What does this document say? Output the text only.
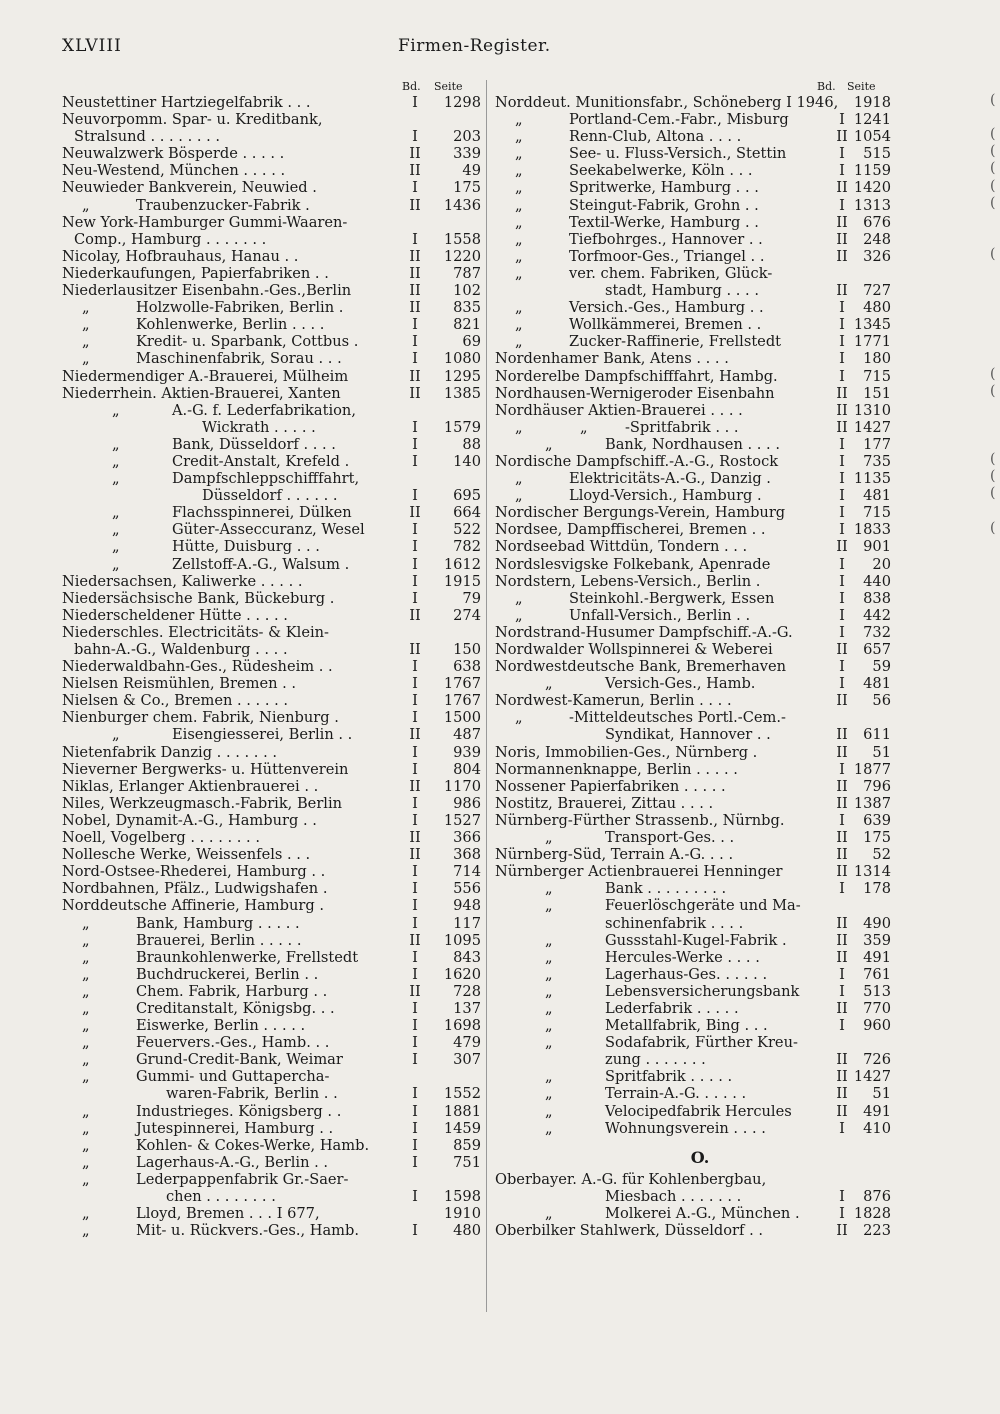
XLVIII	Firmen-Register.
Bd. Seite
Neustettiner Hartziegelfabrik . . .	I	1298
Neuvorpomm. Spar- u. Kreditbank,
Stralsund . . . . . . . .	I	203
Neuwalzwerk Bösperde . . . . .	II	339
Neu-Westend, München . . . . .	II	49
Neuwieder Bankverein, Neuwied .	I	175
„	Traubenzucker-Fabrik .	II	1436
New York-Hamburger Gummi-Waaren-
Comp., Hamburg . . . . . . .	I	1558
Nicolay, Hofbrauhaus, Hanau . .	II	1220
Niederkaufungen, Papierfabriken . .	II	787
Niederlausitzer Eisenbahn.-Ges.,Berlin	II	102
„	Holzwolle-Fabriken, Berlin .	II	835
„	Kohlenwerke, Berlin . . . .	I	821
„	Kredit- u. Sparbank, Cottbus .	I	69
„	Maschinenfabrik, Sorau . . .	I	1080
Niedermendiger A.-Brauerei, Mülheim	II	1295
Niederrhein. Aktien-Brauerei, Xanten	II	1385
„	A.-G. f. Lederfabrikation,
Wickrath . . . . .	I	1579
„	Bank, Düsseldorf . . . .	I	88
„	Credit-Anstalt, Krefeld .	I	140
„	Dampfschleppschifffahrt,
Düsseldorf . . . . . .	I	695
„	Flachsspinnerei, Dülken	II	664
„	Güter-Asseccuranz, Wesel	I	522
„	Hütte, Duisburg . . .	I	782
„	Zellstoff-A.-G., Walsum .	I	1612
Niedersachsen, Kaliwerke . . . . .	I	1915
Niedersächsische Bank, Bückeburg .	I	79
Niederscheldener Hütte . . . . .	II	274
Niederschles. Electricitäts- & Klein-
bahn-A.-G., Waldenburg . . . .	II	150
Niederwaldbahn-Ges., Rüdesheim . .	I	638
Nielsen Reismühlen, Bremen . .	I	1767
Nielsen & Co., Bremen . . . . . .	I	1767
Nienburger chem. Fabrik, Nienburg .	I	1500
„	Eisengiesserei, Berlin . .	II	487
Nietenfabrik Danzig . . . . . . .	I	939
Nieverner Bergwerks- u. Hüttenverein	I	804
Niklas, Erlanger Aktienbrauerei . .	II	1170
Niles, Werkzeugmasch.-Fabrik, Berlin	I	986
Nobel, Dynamit-A.-G., Hamburg . .	I	1527
Noell, Vogelberg . . . . . . . .	II	366
Nollesche Werke, Weissenfels . . .	II	368
Nord-Ostsee-Rhederei, Hamburg . .	I	714
Nordbahnen, Pfälz., Ludwigshafen .	I	556
Norddeutsche Affinerie, Hamburg .	I	948
„	Bank, Hamburg . . . . .	I	117
„	Brauerei, Berlin . . . . .	II	1095
„	Braunkohlenwerke, Frellstedt	I	843
„	Buchdruckerei, Berlin . .	I	1620
„	Chem. Fabrik, Harburg . .	II	728
„	Creditanstalt, Königsbg. . .	I	137
„	Eiswerke, Berlin . . . . .	I	1698
„	Feuervers.-Ges., Hamb. . .	I	479
„	Grund-Credit-Bank, Weimar	I	307
„	Gummi- und Guttapercha-
waren-Fabrik, Berlin . .	I	1552
„	Industrieges. Königsberg . .	I	1881
„	Jutespinnerei, Hamburg . .	I	1459
„	Kohlen- & Cokes-Werke, Hamb.	I	859
„	Lagerhaus-A.-G., Berlin . .	I	751
„	Lederpappenfabrik Gr.-Saer-
chen . . . . . . . .	I	1598
„	Lloyd, Bremen . . . I 677,	1910
„	Mit- u. Rückvers.-Ges., Hamb.	I	480
Bd. Seite
Norddeut. Munitionsfabr., Schöneberg I 1946,	1918
„	Portland-Cem.-Fabr., Misburg	I 1241
„	Renn-Club, Altona . . . .	II 1054
„	See- u. Fluss-Versich., Stettin	I	515
„	Seekabelwerke, Köln . . .	I 1159
„	Spritwerke, Hamburg . . .	II 1420
„	Steingut-Fabrik, Grohn . .	I 1313
„	Textil-Werke, Hamburg . .	II	676
„	Tiefbohrges., Hannover . .	II	248
„	Torfmoor-Ges., Triangel . .	II	326
„	ver. chem. Fabriken, Glück-
stadt, Hamburg . . . .	II	727
„	Versich.-Ges., Hamburg . .	I	480
„	Wollkämmerei, Bremen . .	I 1345
„	Zucker-Raffinerie, Frellstedt	I 1771
Nordenhamer Bank, Atens . . . .	I	180
Norderelbe Dampfschifffahrt, Hambg.	I	715
Nordhausen-Wernigeroder Eisenbahn	II	151
Nordhäuser Aktien-Brauerei . . . .	II 1310
„	„	-Spritfabrik . . .	II 1427
„	Bank, Nordhausen . . . .	I	177
Nordische Dampfschiff.-A.-G., Rostock	I	735
„	Elektricitäts-A.-G., Danzig .	I 1135
„	Lloyd-Versich., Hamburg .	I	481
Nordischer Bergungs-Verein, Hamburg	I	715
Nordsee, Dampffischerei, Bremen . .	I 1833
Nordseebad Wittdün, Tondern . . .	II	901
Nordslesvigske Folkebank, Apenrade	I	20
Nordstern, Lebens-Versich., Berlin .	I	440
„	Steinkohl.-Bergwerk, Essen	I	838
„	Unfall-Versich., Berlin . .	I	442
Nordstrand-Husumer Dampfschiff.-A.-G.	I	732
Nordwalder Wollspinnerei & Weberei	II	657
Nordwestdeutsche Bank, Bremerhaven	I	59
„	Versich-Ges., Hamb.	I	481
Nordwest-Kamerun, Berlin . . . .	II	56
„	-Mitteldeutsches Portl.-Cem.-
Syndikat, Hannover . .	II	611
Noris, Immobilien-Ges., Nürnberg .	II	51
Normannenknappe, Berlin . . . . .	I 1877
Nossener Papierfabriken . . . . .	II	796
Nostitz, Brauerei, Zittau . . . .	II 1387
Nürnberg-Fürther Strassenb., Nürnbg.	I	639
„	Transport-Ges. . .	II	175
Nürnberg-Süd, Terrain A.-G. . . .	II	52
Nürnberger Actienbrauerei Henninger	II 1314
„	Bank . . . . . . . . .	I	178
„	Feuerlöschgeräte und Ma-
schinenfabrik . . . .	II	490
„	Gussstahl-Kugel-Fabrik .	II	359
„	Hercules-Werke . . . .	II	491
„	Lagerhaus-Ges. . . . . .	I	761
„	Lebensversicherungsbank	I	513
„	Lederfabrik . . . . .	II	770
„	Metallfabrik, Bing . . .	I	960
„	Sodafabrik, Fürther Kreu-
zung . . . . . . .	II	726
„	Spritfabrik . . . . .	II 1427
„	Terrain-A.-G. . . . . .	II	51
„	Velocipedfabrik Hercules	II	491
„	Wohnungsverein . . . .	I	410
O.
Oberbayer. A.-G. für Kohlenbergbau,
Miesbach . . . . . . .	I	876
„	Molkerei A.-G., München .	I 1828
Oberbilker Stahlwerk, Düsseldorf . .	II	223
(
(
(
(
(
(
(
(
(
(
(
(
(
